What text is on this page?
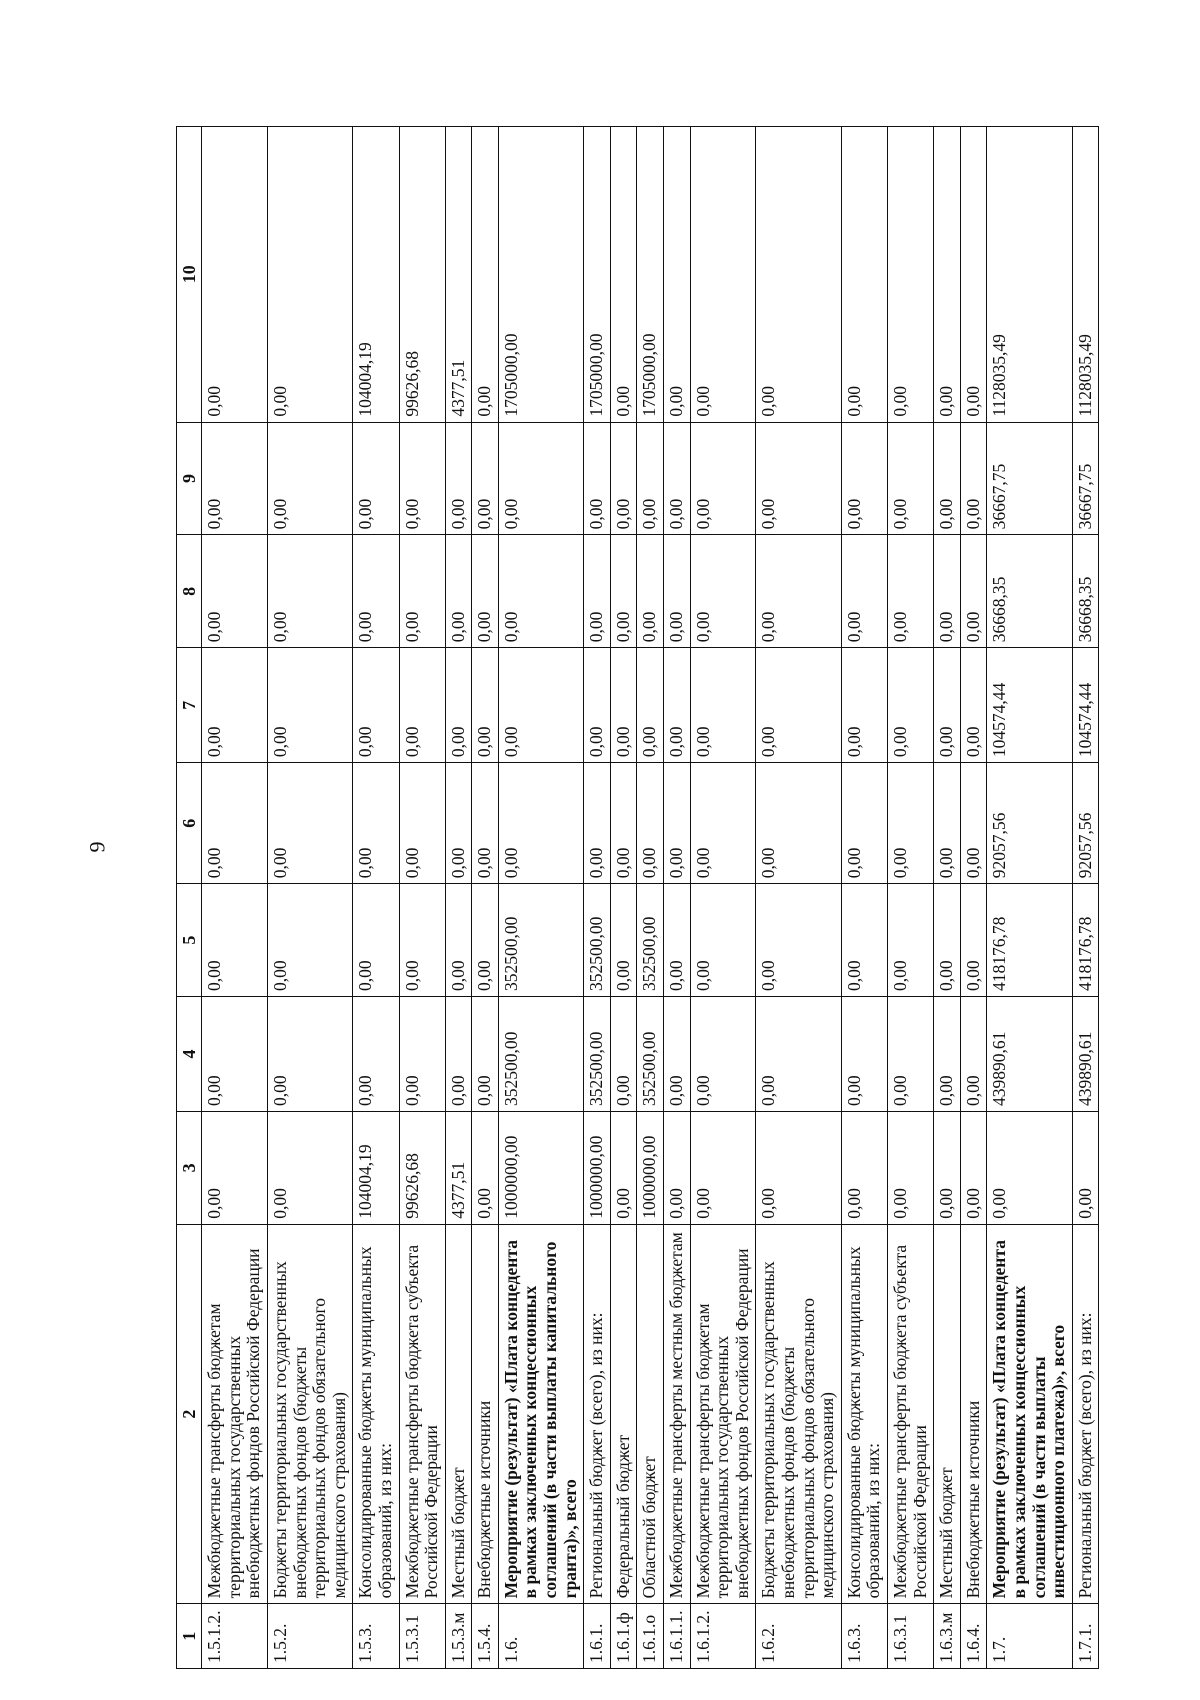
9
1	2	3	4	5	6	7	8	9	10
1.5.1.2.	Межбюджетные трансферты бюджетам территориальных государственных внебюджетных фондов Российской Федерации	0,00	0,00	0,00	0,00	0,00	0,00	0,00	0,00
1.5.2.	Бюджеты территориальных государственных внебюджетных фондов (бюджеты территориальных фондов обязательного медицинского страхования)	0,00	0,00	0,00	0,00	0,00	0,00	0,00	0,00
1.5.3.	Консолидированные бюджеты муниципальных образований, из них:	104004,19	0,00	0,00	0,00	0,00	0,00	0,00	104004,19
1.5.3.1	Межбюджетные трансферты бюджета субъекта Российской Федерации	99626,68	0,00	0,00	0,00	0,00	0,00	0,00	99626,68
1.5.3.м	Местный бюджет	4377,51	0,00	0,00	0,00	0,00	0,00	0,00	4377,51
1.5.4.	Внебюджетные источники	0,00	0,00	0,00	0,00	0,00	0,00	0,00	0,00
1.6.	Мероприятие (результат) «Плата концедента в рамках заключенных концессионных соглашений (в части выплаты капитального гранта)», всего	1000000,00	352500,00	352500,00	0,00	0,00	0,00	0,00	1705000,00
1.6.1.	Региональный бюджет (всего), из них:	1000000,00	352500,00	352500,00	0,00	0,00	0,00	0,00	1705000,00
1.6.1.ф	Федеральный бюджет	0,00	0,00	0,00	0,00	0,00	0,00	0,00	0,00
1.6.1.о	Областной бюджет	1000000,00	352500,00	352500,00	0,00	0,00	0,00	0,00	1705000,00
1.6.1.1.	Межбюджетные трансферты местным бюджетам	0,00	0,00	0,00	0,00	0,00	0,00	0,00	0,00
1.6.1.2.	Межбюджетные трансферты бюджетам территориальных государственных внебюджетных фондов Российской Федерации	0,00	0,00	0,00	0,00	0,00	0,00	0,00	0,00
1.6.2.	Бюджеты территориальных государственных внебюджетных фондов (бюджеты территориальных фондов обязательного медицинского страхования)	0,00	0,00	0,00	0,00	0,00	0,00	0,00	0,00
1.6.3.	Консолидированные бюджеты муниципальных образований, из них:	0,00	0,00	0,00	0,00	0,00	0,00	0,00	0,00
1.6.3.1	Межбюджетные трансферты бюджета субъекта Российской Федерации	0,00	0,00	0,00	0,00	0,00	0,00	0,00	0,00
1.6.3.м	Местный бюджет	0,00	0,00	0,00	0,00	0,00	0,00	0,00	0,00
1.6.4.	Внебюджетные источники	0,00	0,00	0,00	0,00	0,00	0,00	0,00	0,00
1.7.	Мероприятие (результат) «Плата концедента в рамках заключенных концессионных соглашений (в части выплаты инвестиционного платежа)», всего	0,00	439890,61	418176,78	92057,56	104574,44	36668,35	36667,75	1128035,49
1.7.1.	Региональный бюджет (всего), из них:	0,00	439890,61	418176,78	92057,56	104574,44	36668,35	36667,75	1128035,49
